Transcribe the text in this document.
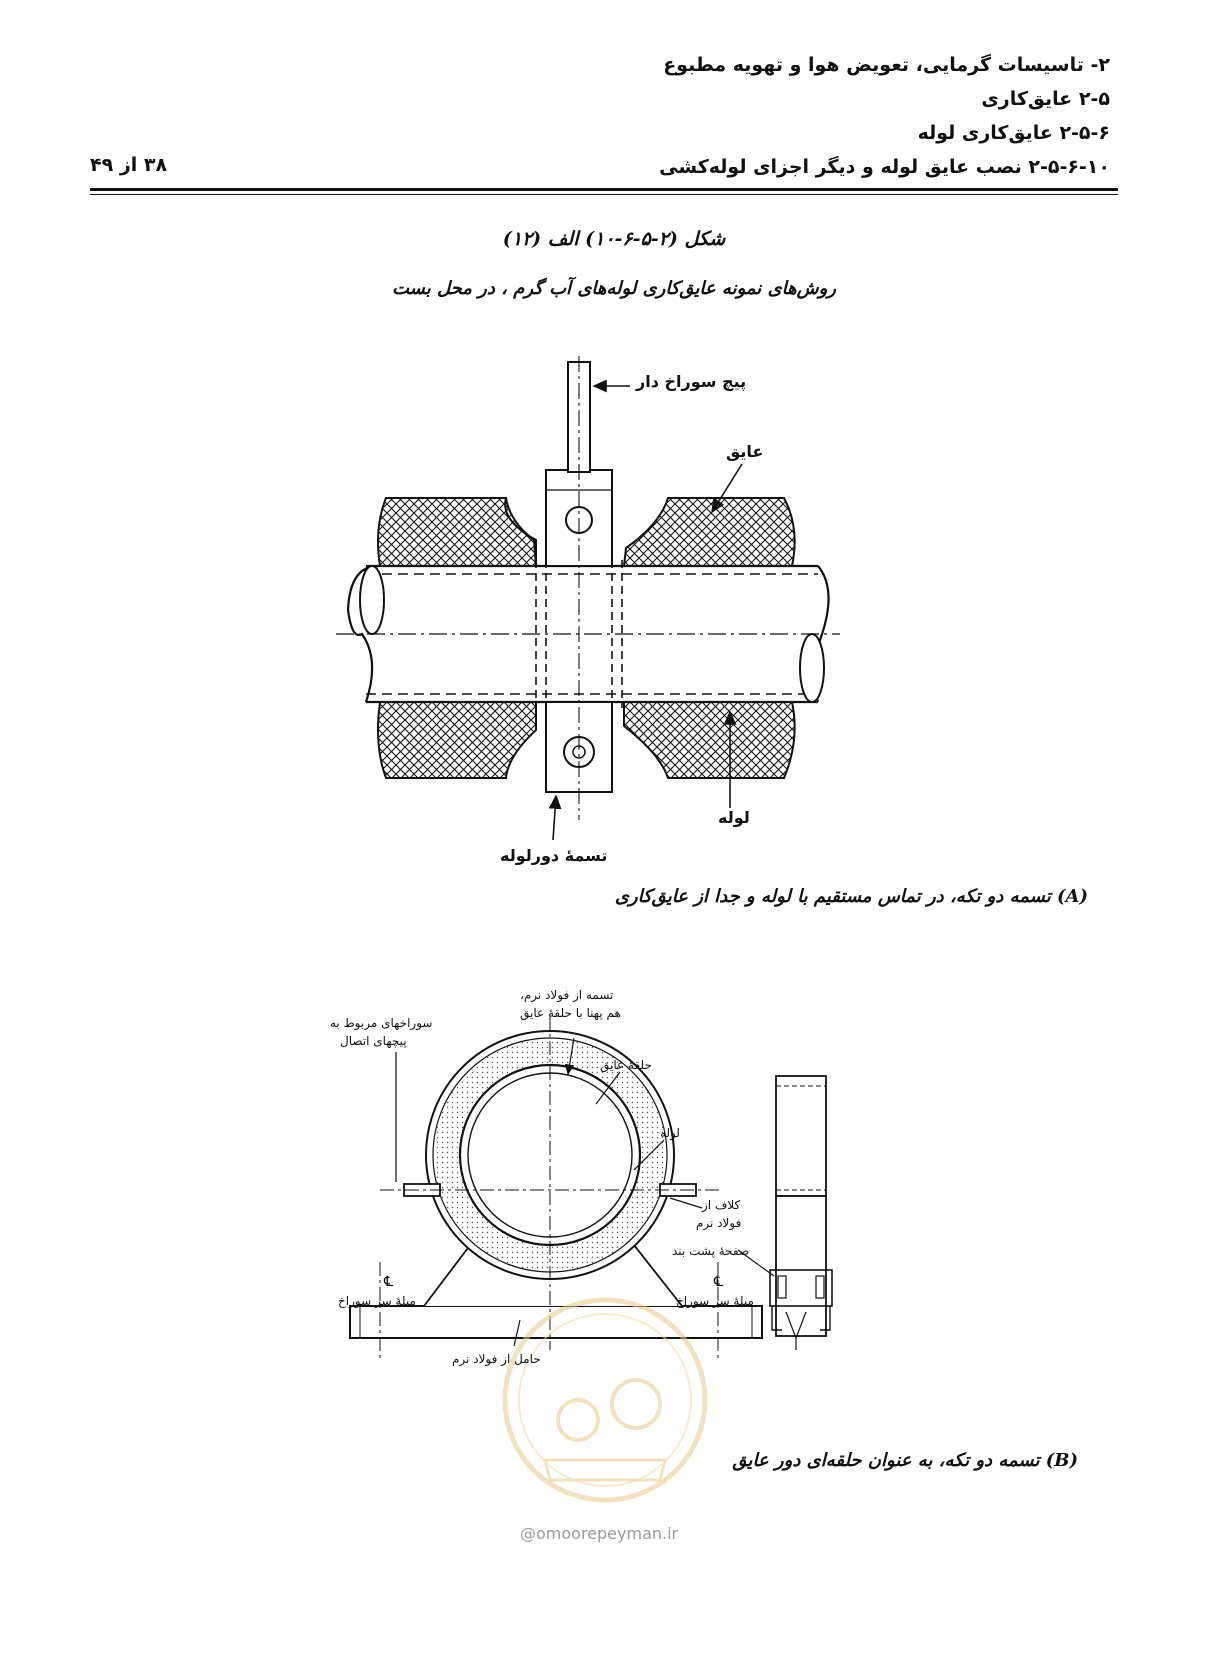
۲- تاسیسات گرمایی، تعویض هوا و تهویه مطبوع
۲-۵ عایق‌کاری
۲-۵-۶ عایق‌کاری لوله
۲-۵-۶-۱۰ نصب عایق لوله و دیگر اجزای لوله‌کشی
۳۸ از ۴۹
شکل (۲-۵-۶-۱۰) الف (۱۲)
روش‌های نمونه عایق‌کاری لوله‌های آب گرم ، در محل بست
℄	℄
پیچ سوراخ دار
عایق
لوله
تسمهٔ دورلوله
(A) تسمه دو تکه، در تماس مستقیم با لوله و جدا از عایق‌کاری
تسمه از فولاد نرم،
هم پهنا با حلقهٔ عایق
سوراخهای مربوط به
پیچهای اتصال
حلقهٔ عایق
لوله
کلاف از
فولاد نرم
صفحهٔ پشت بند
میلهٔ سر سوراخ
میلهٔ سر سوراخ
حامل از فولاد نرم
(B) تسمه دو تکه، به عنوان حلقه‌ای دور عایق
@omoorepeyman.ir
